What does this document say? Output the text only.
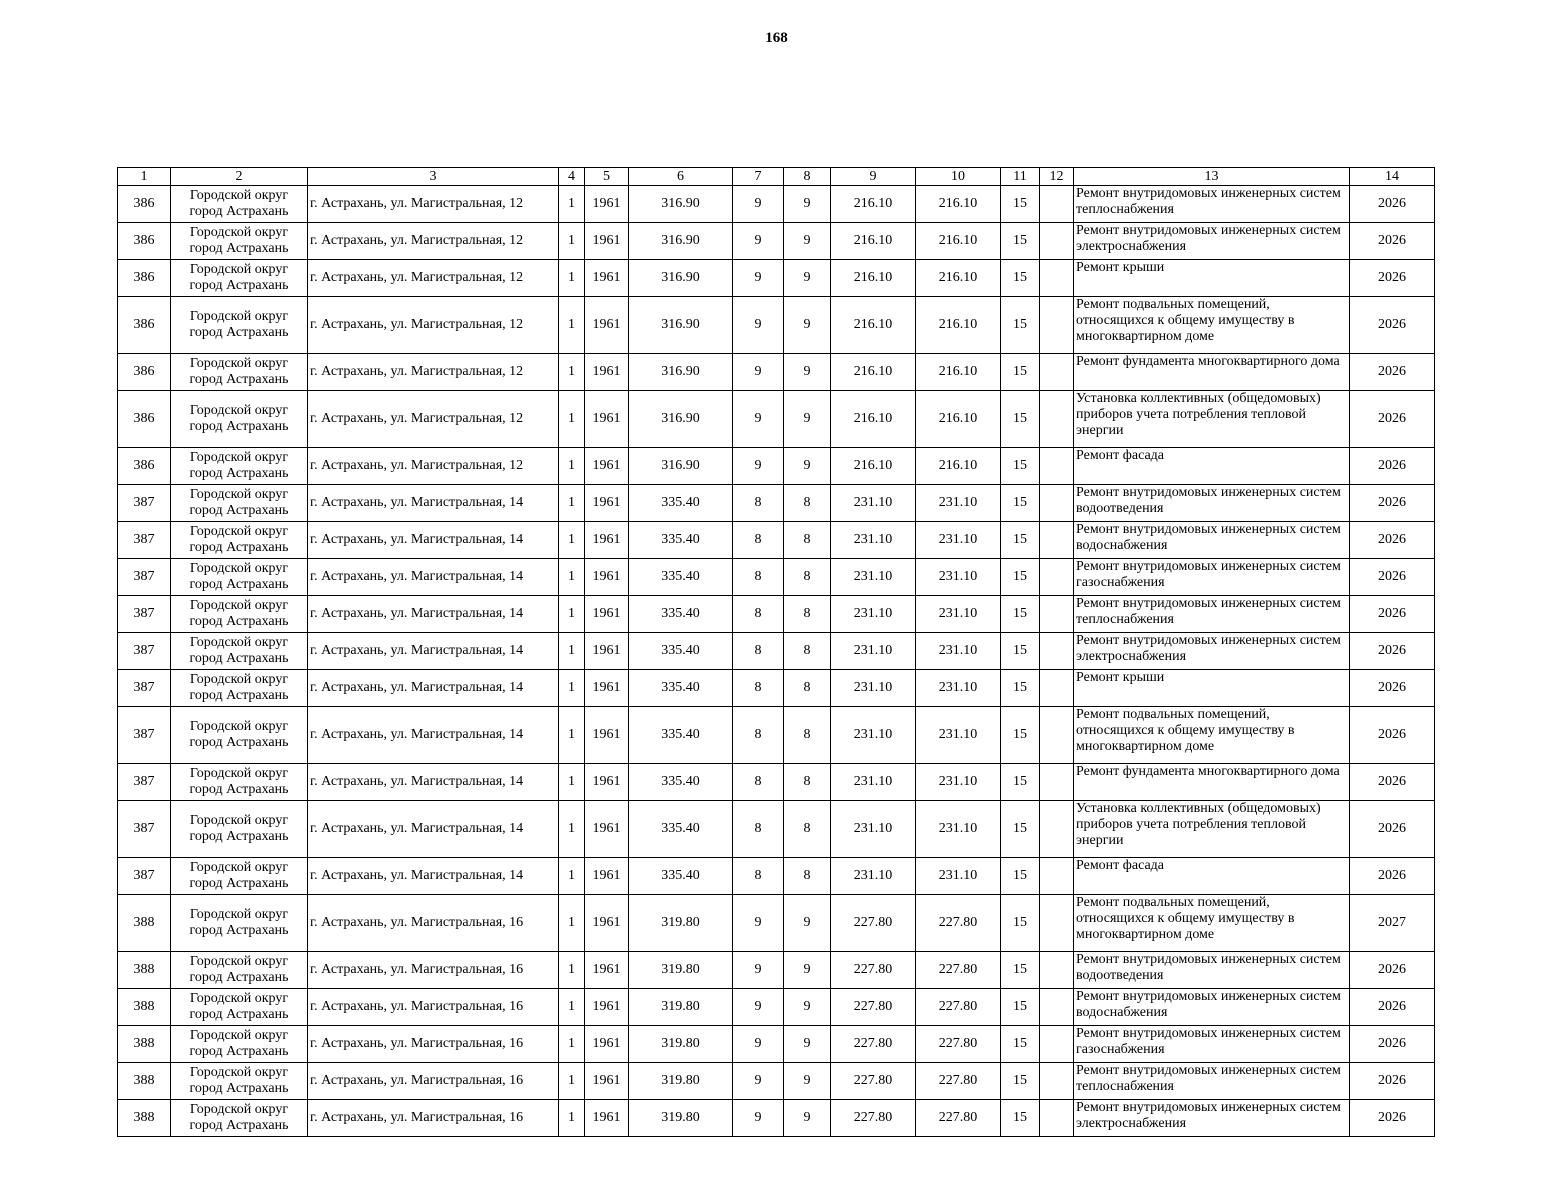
168
1	2	3	4	5	6	7	8	9	10	11	12	13	14
386	Городской округ город Астрахань	г. Астрахань, ул. Магистральная, 12	1	1961	316.90	9	9	216.10	216.10	15		Ремонт внутридомовых инженерных систем теплоснабжения	2026
386	Городской округ город Астрахань	г. Астрахань, ул. Магистральная, 12	1	1961	316.90	9	9	216.10	216.10	15		Ремонт внутридомовых инженерных систем электроснабжения	2026
386	Городской округ город Астрахань	г. Астрахань, ул. Магистральная, 12	1	1961	316.90	9	9	216.10	216.10	15		Ремонт крыши	2026
386	Городской округ город Астрахань	г. Астрахань, ул. Магистральная, 12	1	1961	316.90	9	9	216.10	216.10	15		Ремонт подвальных помещений, относящихся к общему имуществу в многоквартирном доме	2026
386	Городской округ город Астрахань	г. Астрахань, ул. Магистральная, 12	1	1961	316.90	9	9	216.10	216.10	15		Ремонт фундамента многоквартирного дома	2026
386	Городской округ город Астрахань	г. Астрахань, ул. Магистральная, 12	1	1961	316.90	9	9	216.10	216.10	15		Установка коллективных (общедомовых) приборов учета потребления тепловой энергии	2026
386	Городской округ город Астрахань	г. Астрахань, ул. Магистральная, 12	1	1961	316.90	9	9	216.10	216.10	15		Ремонт фасада	2026
387	Городской округ город Астрахань	г. Астрахань, ул. Магистральная, 14	1	1961	335.40	8	8	231.10	231.10	15		Ремонт внутридомовых инженерных систем водоотведения	2026
387	Городской округ город Астрахань	г. Астрахань, ул. Магистральная, 14	1	1961	335.40	8	8	231.10	231.10	15		Ремонт внутридомовых инженерных систем водоснабжения	2026
387	Городской округ город Астрахань	г. Астрахань, ул. Магистральная, 14	1	1961	335.40	8	8	231.10	231.10	15		Ремонт внутридомовых инженерных систем газоснабжения	2026
387	Городской округ город Астрахань	г. Астрахань, ул. Магистральная, 14	1	1961	335.40	8	8	231.10	231.10	15		Ремонт внутридомовых инженерных систем теплоснабжения	2026
387	Городской округ город Астрахань	г. Астрахань, ул. Магистральная, 14	1	1961	335.40	8	8	231.10	231.10	15		Ремонт внутридомовых инженерных систем электроснабжения	2026
387	Городской округ город Астрахань	г. Астрахань, ул. Магистральная, 14	1	1961	335.40	8	8	231.10	231.10	15		Ремонт крыши	2026
387	Городской округ город Астрахань	г. Астрахань, ул. Магистральная, 14	1	1961	335.40	8	8	231.10	231.10	15		Ремонт подвальных помещений, относящихся к общему имуществу в многоквартирном доме	2026
387	Городской округ город Астрахань	г. Астрахань, ул. Магистральная, 14	1	1961	335.40	8	8	231.10	231.10	15		Ремонт фундамента многоквартирного дома	2026
387	Городской округ город Астрахань	г. Астрахань, ул. Магистральная, 14	1	1961	335.40	8	8	231.10	231.10	15		Установка коллективных (общедомовых) приборов учета потребления тепловой энергии	2026
387	Городской округ город Астрахань	г. Астрахань, ул. Магистральная, 14	1	1961	335.40	8	8	231.10	231.10	15		Ремонт фасада	2026
388	Городской округ город Астрахань	г. Астрахань, ул. Магистральная, 16	1	1961	319.80	9	9	227.80	227.80	15		Ремонт подвальных помещений, относящихся к общему имуществу в многоквартирном доме	2027
388	Городской округ город Астрахань	г. Астрахань, ул. Магистральная, 16	1	1961	319.80	9	9	227.80	227.80	15		Ремонт внутридомовых инженерных систем водоотведения	2026
388	Городской округ город Астрахань	г. Астрахань, ул. Магистральная, 16	1	1961	319.80	9	9	227.80	227.80	15		Ремонт внутридомовых инженерных систем водоснабжения	2026
388	Городской округ город Астрахань	г. Астрахань, ул. Магистральная, 16	1	1961	319.80	9	9	227.80	227.80	15		Ремонт внутридомовых инженерных систем газоснабжения	2026
388	Городской округ город Астрахань	г. Астрахань, ул. Магистральная, 16	1	1961	319.80	9	9	227.80	227.80	15		Ремонт внутридомовых инженерных систем теплоснабжения	2026
388	Городской округ город Астрахань	г. Астрахань, ул. Магистральная, 16	1	1961	319.80	9	9	227.80	227.80	15		Ремонт внутридомовых инженерных систем электроснабжения	2026
